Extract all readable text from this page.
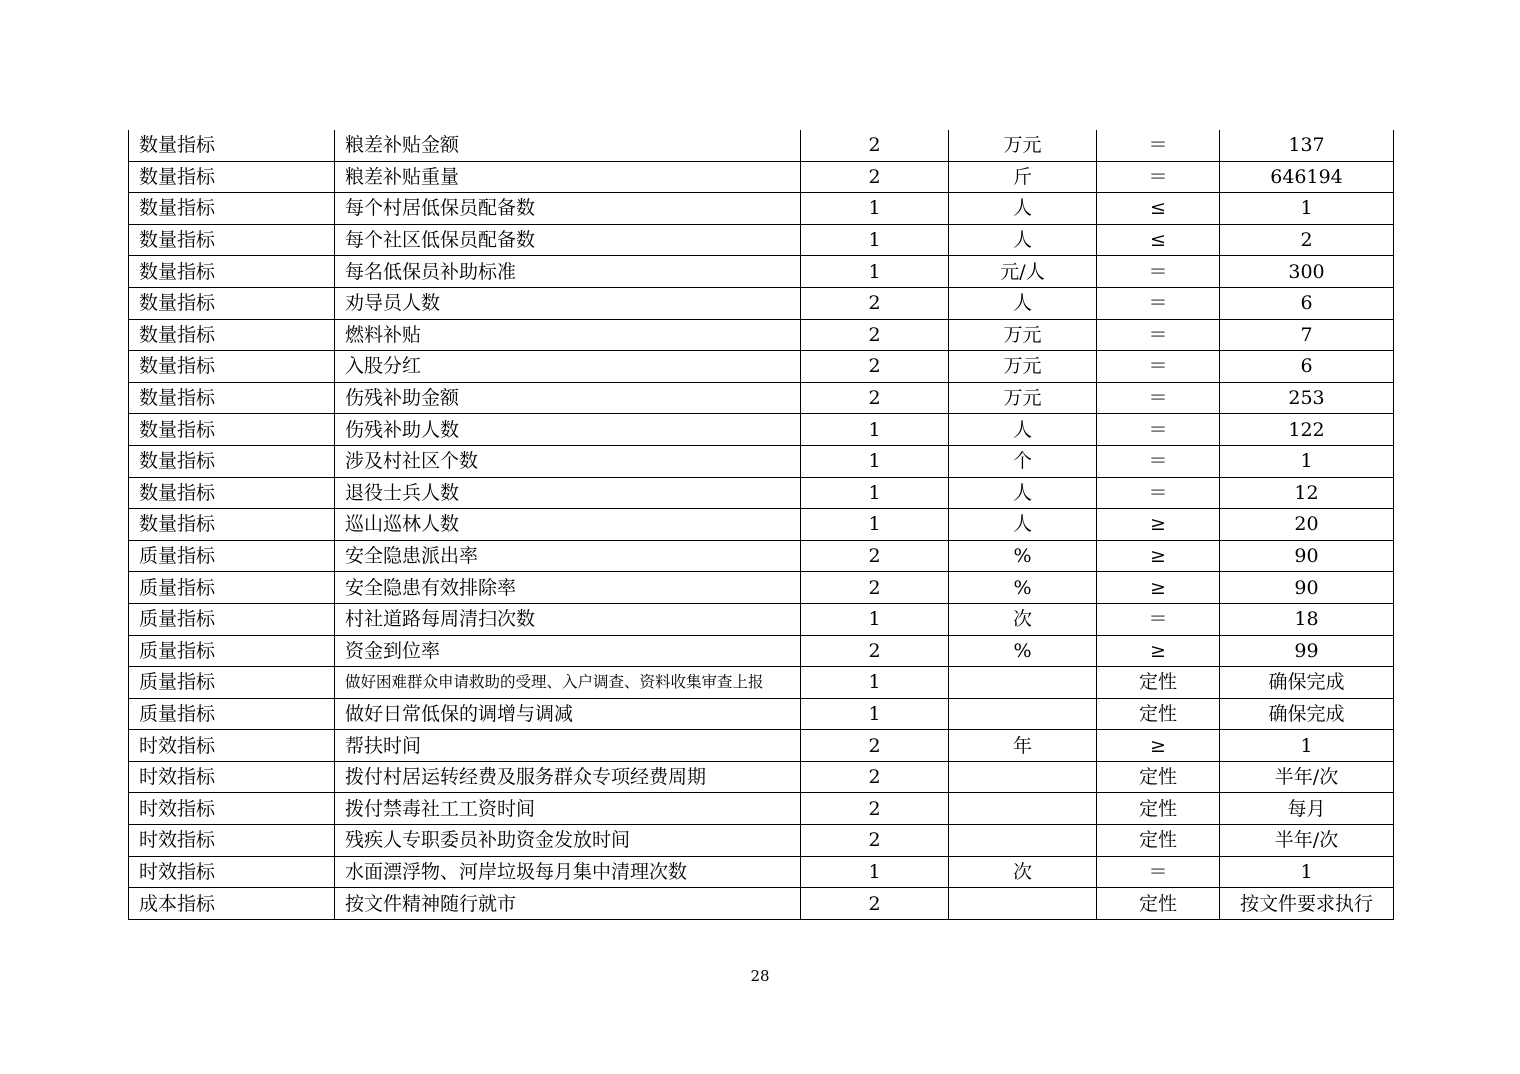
数量指标	粮差补贴金额	2	万元	＝	137
数量指标	粮差补贴重量	2	斤	＝	646194
数量指标	每个村居低保员配备数	1	人	≤	1
数量指标	每个社区低保员配备数	1	人	≤	2
数量指标	每名低保员补助标准	1	元/人	＝	300
数量指标	劝导员人数	2	人	＝	6
数量指标	燃料补贴	2	万元	＝	7
数量指标	入股分红	2	万元	＝	6
数量指标	伤残补助金额	2	万元	＝	253
数量指标	伤残补助人数	1	人	＝	122
数量指标	涉及村社区个数	1	个	＝	1
数量指标	退役士兵人数	1	人	＝	12
数量指标	巡山巡林人数	1	人	≥	20
质量指标	安全隐患派出率	2	%	≥	90
质量指标	安全隐患有效排除率	2	%	≥	90
质量指标	村社道路每周清扫次数	1	次	＝	18
质量指标	资金到位率	2	%	≥	99
质量指标	做好困难群众申请救助的受理、入户调查、资料收集审查上报	1		定性	确保完成
质量指标	做好日常低保的调增与调减	1		定性	确保完成
时效指标	帮扶时间	2	年	≥	1
时效指标	拨付村居运转经费及服务群众专项经费周期	2		定性	半年/次
时效指标	拨付禁毒社工工资时间	2		定性	每月
时效指标	残疾人专职委员补助资金发放时间	2		定性	半年/次
时效指标	水面漂浮物、河岸垃圾每月集中清理次数	1	次	＝	1
成本指标	按文件精神随行就市	2		定性	按文件要求执行
28
